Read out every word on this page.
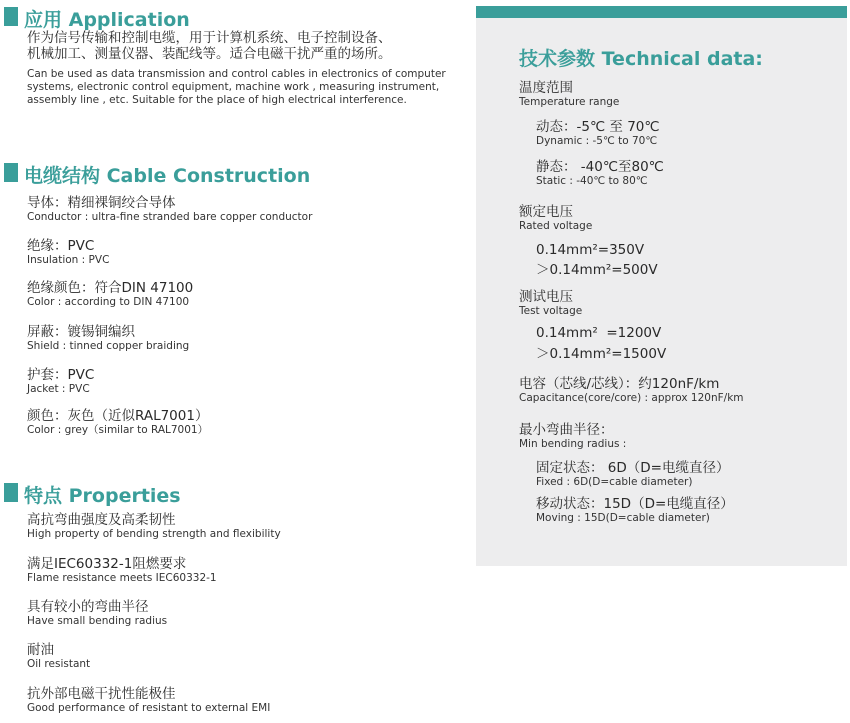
应用 Application
作为信号传输和控制电缆，用于计算机系统、电子控制设备、
机械加工、测量仪器、装配线等。适合电磁干扰严重的场所。
Can be used as data transmission and control cables in electronics of computer
systems, electronic control equipment, machine work , measuring instrument,
assembly line , etc. Suitable for the place of high electrical interference.
电缆结构 Cable Construction
导体：精细裸铜绞合导体
Conductor : ultra-fine stranded bare copper conductor
绝缘：PVC
Insulation : PVC
绝缘颜色：符合DIN 47100
Color : according to DIN 47100
屏蔽：镀锡铜编织
Shield : tinned copper braiding
护套：PVC
Jacket : PVC
颜色：灰色（近似RAL7001）
Color : grey（similar to RAL7001）
特点 Properties
高抗弯曲强度及高柔韧性
High property of bending strength and flexibility
满足IEC60332-1阻燃要求
Flame resistance meets IEC60332-1
具有较小的弯曲半径
Have small bending radius
耐油
Oil resistant
抗外部电磁干扰性能极佳
Good performance of resistant to external EMI
技术参数 Technical data:
温度范围
Temperature range
动态：-5℃ 至 70℃
Dynamic : -5℃ to 70℃
静态： -40℃至80℃
Static : -40℃ to 80℃
额定电压
Rated voltage
0.14mm²=350V
＞0.14mm²=500V
测试电压
Test voltage
0.14mm²  =1200V
＞0.14mm²=1500V
电容（芯线/芯线）：约120nF/km
Capacitance(core/core) : approx 120nF/km
最小弯曲半径：
Min bending radius :
固定状态： 6D（D=电缆直径）
Fixed : 6D(D=cable diameter)
移动状态：15D（D=电缆直径）
Moving : 15D(D=cable diameter)
